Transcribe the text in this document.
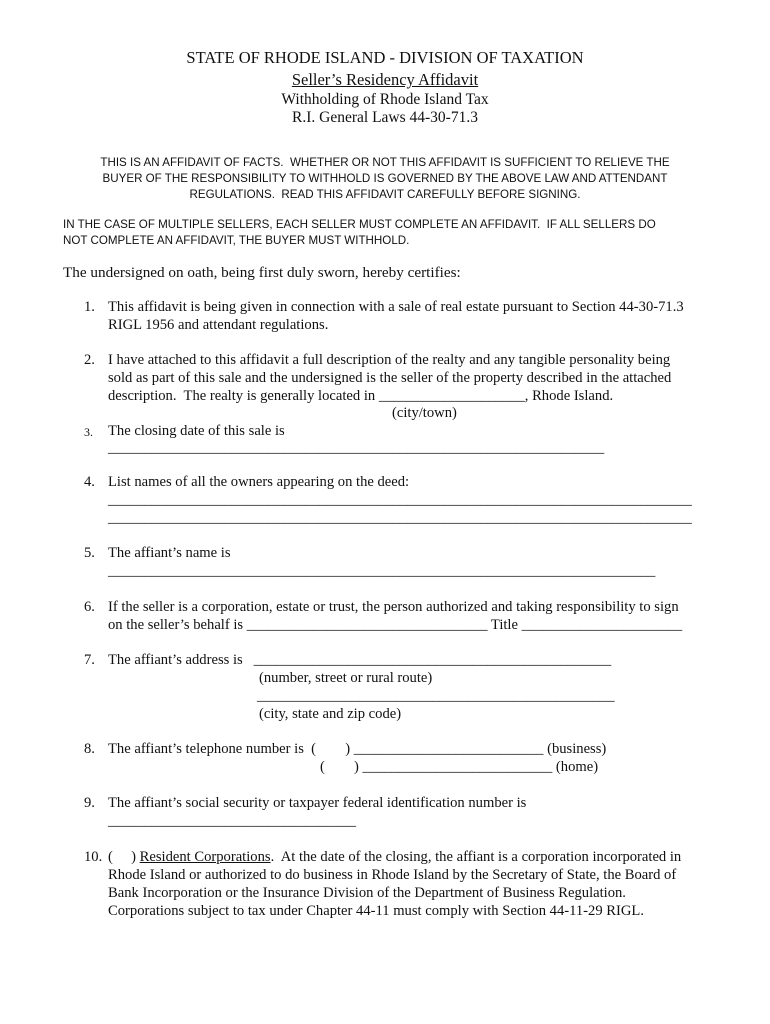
STATE OF RHODE ISLAND - DIVISION OF TAXATION
Seller’s Residency Affidavit
Withholding of Rhode Island Tax
R.I. General Laws 44-30-71.3
THIS IS AN AFFIDAVIT OF FACTS.  WHETHER OR NOT THIS AFFIDAVIT IS SUFFICIENT TO RELIEVE THE
BUYER OF THE RESPONSIBILITY TO WITHHOLD IS GOVERNED BY THE ABOVE LAW AND ATTENDANT
REGULATIONS.  READ THIS AFFIDAVIT CAREFULLY BEFORE SIGNING.
IN THE CASE OF MULTIPLE SELLERS, EACH SELLER MUST COMPLETE AN AFFIDAVIT.  IF ALL SELLERS DO
NOT COMPLETE AN AFFIDAVIT, THE BUYER MUST WITHHOLD.
The undersigned on oath, being first duly sworn, hereby certifies:
1. This affidavit is being given in connection with a sale of real estate pursuant to Section 44-30-71.3
RIGL 1956 and attendant regulations.
2. I have attached to this affidavit a full description of the realty and any tangible personality being
sold as part of this sale and the undersigned is the seller of the property described in the attached
description.  The realty is generally located in ____________________, Rhode Island.
(city/town)
3. The closing date of this sale is
____________________________________________________________________
4. List names of all the owners appearing on the deed:
________________________________________________________________________________
________________________________________________________________________________
5. The affiant’s name is
___________________________________________________________________________
6. If the seller is a corporation, estate or trust, the person authorized and taking responsibility to sign
on the seller’s behalf is _________________________________ Title ______________________
7. The affiant’s address is   _________________________________________________
(number, street or rural route)
_________________________________________________
(city, state and zip code)
8. The affiant’s telephone number is  (        ) __________________________ (business)
(        ) __________________________ (home)
9. The affiant’s social security or taxpayer federal identification number is
__________________________________
10. (     ) Resident Corporations.  At the date of the closing, the affiant is a corporation incorporated in
Rhode Island or authorized to do business in Rhode Island by the Secretary of State, the Board of
Bank Incorporation or the Insurance Division of the Department of Business Regulation.
Corporations subject to tax under Chapter 44-11 must comply with Section 44-11-29 RIGL.
